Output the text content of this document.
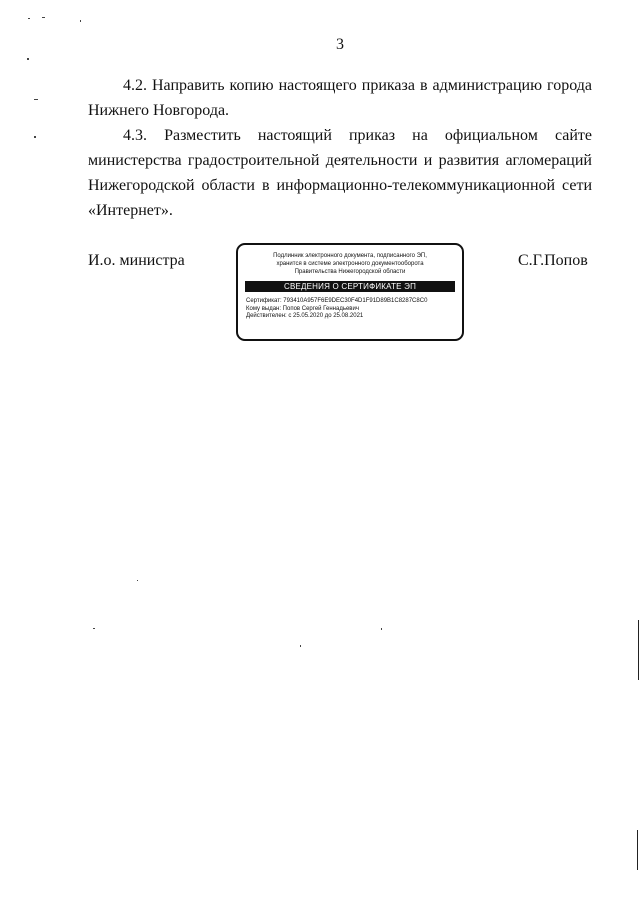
3
4.2. Направить копию настоящего приказа в администрацию города Нижнего Новгорода.
4.3. Разместить настоящий приказ на официальном сайте министерства градостроительной деятельности и развития агломераций Нижегородской области в информационно-телекоммуникационной сети «Интернет».
И.о. министра	Подлинник электронного документа, подписанного ЭП,
хранится в системе электронного документооборота
Правительства Нижегородской области
СВЕДЕНИЯ О СЕРТИФИКАТЕ ЭП
Сертификат: 793410A957F6E9DEC30F4D1F91D89B1C8287C8C0
Кому выдан: Попов Сергей Геннадьевич
Действителен: с 25.05.2020 до 25.08.2021
С.Г.Попов
